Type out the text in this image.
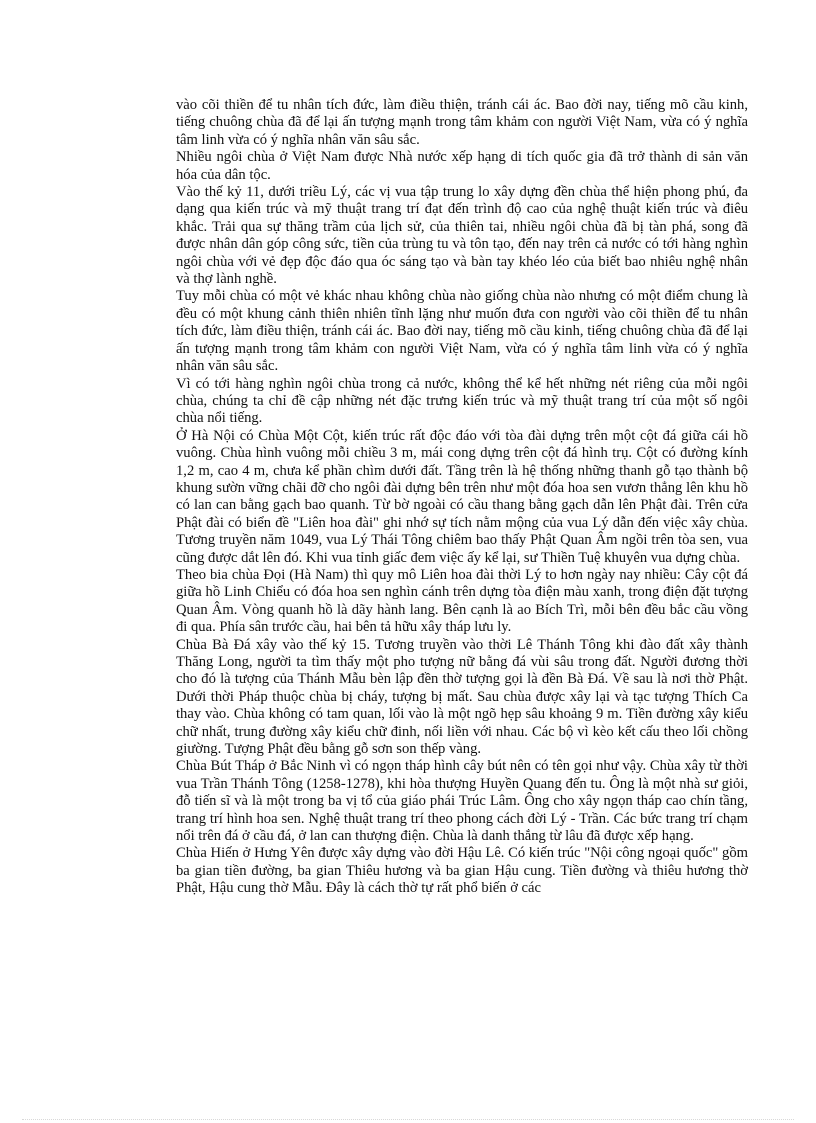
vào cõi thiền để tu nhân tích đức, làm điều thiện, tránh cái ác. Bao đời nay, tiếng mõ cầu kinh, tiếng chuông chùa đã để lại ấn tượng mạnh trong tâm khảm con người Việt Nam, vừa có ý nghĩa tâm linh vừa có ý nghĩa nhân văn sâu sắc.

Nhiều ngôi chùa ở Việt Nam được Nhà nước xếp hạng di tích quốc gia đã trở thành di sản văn hóa của dân tộc.

Vào thế kỷ 11, dưới triều Lý, các vị vua tập trung lo xây dựng đền chùa thể hiện phong phú, đa dạng qua kiến trúc và mỹ thuật trang trí đạt đến trình độ cao của nghệ thuật kiến trúc và điêu khắc. Trải qua sự thăng trầm của lịch sử, của thiên tai, nhiều ngôi chùa đã bị tàn phá, song đã được nhân dân góp công sức, tiền của trùng tu và tôn tạo, đến nay trên cả nước có tới hàng nghìn ngôi chùa với vẻ đẹp độc đáo qua óc sáng tạo và bàn tay khéo léo của biết bao nhiêu nghệ nhân và thợ lành nghề.

Tuy mỗi chùa có một vẻ khác nhau không chùa nào giống chùa nào nhưng có một điểm chung là đều có một khung cảnh thiên nhiên tĩnh lặng như muốn đưa con người vào cõi thiền để tu nhân tích đức, làm điều thiện, tránh cái ác. Bao đời nay, tiếng mõ cầu kinh, tiếng chuông chùa đã để lại ấn tượng mạnh trong tâm khảm con người Việt Nam, vừa có ý nghĩa tâm linh vừa có ý nghĩa nhân văn sâu sắc.

Vì có tới hàng nghìn ngôi chùa trong cả nước, không thể kể hết những nét riêng của mỗi ngôi chùa, chúng ta chỉ đề cập những nét đặc trưng kiến trúc và mỹ thuật trang trí của một số ngôi chùa nổi tiếng.

Ở Hà Nội có Chùa Một Cột, kiến trúc rất độc đáo với tòa đài dựng trên một cột đá giữa cái hồ vuông. Chùa hình vuông mỗi chiều 3 m, mái cong dựng trên cột đá hình trụ. Cột có đường kính 1,2 m, cao 4 m, chưa kể phần chìm dưới đất. Tầng trên là hệ thống những thanh gỗ tạo thành bộ khung sườn vững chãi đỡ cho ngôi đài dựng bên trên như một đóa hoa sen vươn thẳng lên khu hồ có lan can bằng gạch bao quanh. Từ bờ ngoài có cầu thang bằng gạch dẫn lên Phật đài. Trên cửa Phật đài có biển đề "Liên hoa đài" ghi nhớ sự tích nằm mộng của vua Lý dẫn đến việc xây chùa. Tương truyền năm 1049, vua Lý Thái Tông chiêm bao thấy Phật Quan Âm ngồi trên tòa sen, vua cũng được dắt lên đó. Khi vua tỉnh giấc đem việc ấy kể lại, sư Thiền Tuệ khuyên vua dựng chùa.

Theo bia chùa Đọi (Hà Nam) thì quy mô Liên hoa đài thời Lý to hơn ngày nay nhiều: Cây cột đá giữa hồ Linh Chiểu có đóa hoa sen nghìn cánh trên dựng tòa điện màu xanh, trong điện đặt tượng Quan Âm. Vòng quanh hồ là dãy hành lang. Bên cạnh là ao Bích Trì, mỗi bên đều bắc cầu vồng đi qua. Phía sân trước cầu, hai bên tả hữu xây tháp lưu ly.

Chùa Bà Đá xây vào thế kỷ 15. Tương truyền vào thời Lê Thánh Tông khi đào đất xây thành Thăng Long, người ta tìm thấy một pho tượng nữ bằng đá vùi sâu trong đất. Người đương thời cho đó là tượng của Thánh Mẫu bèn lập đền thờ tượng gọi là đền Bà Đá. Về sau là nơi thờ Phật. Dưới thời Pháp thuộc chùa bị cháy, tượng bị mất. Sau chùa được xây lại và tạc tượng Thích Ca thay vào. Chùa không có tam quan, lối vào là một ngõ hẹp sâu khoảng 9 m. Tiền đường xây kiểu chữ nhất, trung đường xây kiểu chữ đinh, nối liền với nhau. Các bộ vì kèo kết cấu theo lối chồng giường. Tượng Phật đều bằng gỗ sơn son thếp vàng.

Chùa Bút Tháp ở Bắc Ninh vì có ngọn tháp hình cây bút nên có tên gọi như vậy. Chùa xây từ thời vua Trần Thánh Tông (1258-1278), khi hòa thượng Huyền Quang đến tu. Ông là một nhà sư giỏi, đỗ tiến sĩ và là một trong ba vị tổ của giáo phái Trúc Lâm. Ông cho xây ngọn tháp cao chín tầng, trang trí hình hoa sen. Nghệ thuật trang trí theo phong cách đời Lý - Trần. Các bức trang trí chạm nổi trên đá ở cầu đá, ở lan can thượng điện. Chùa là danh thắng từ lâu đã được xếp hạng.

Chùa Hiến ở Hưng Yên được xây dựng vào đời Hậu Lê. Có kiến trúc "Nội công ngoại quốc" gồm ba gian tiền đường, ba gian Thiêu hương và ba gian Hậu cung. Tiền đường và thiêu hương thờ Phật, Hậu cung thờ Mẫu. Đây là cách thờ tự rất phổ biến ở các
